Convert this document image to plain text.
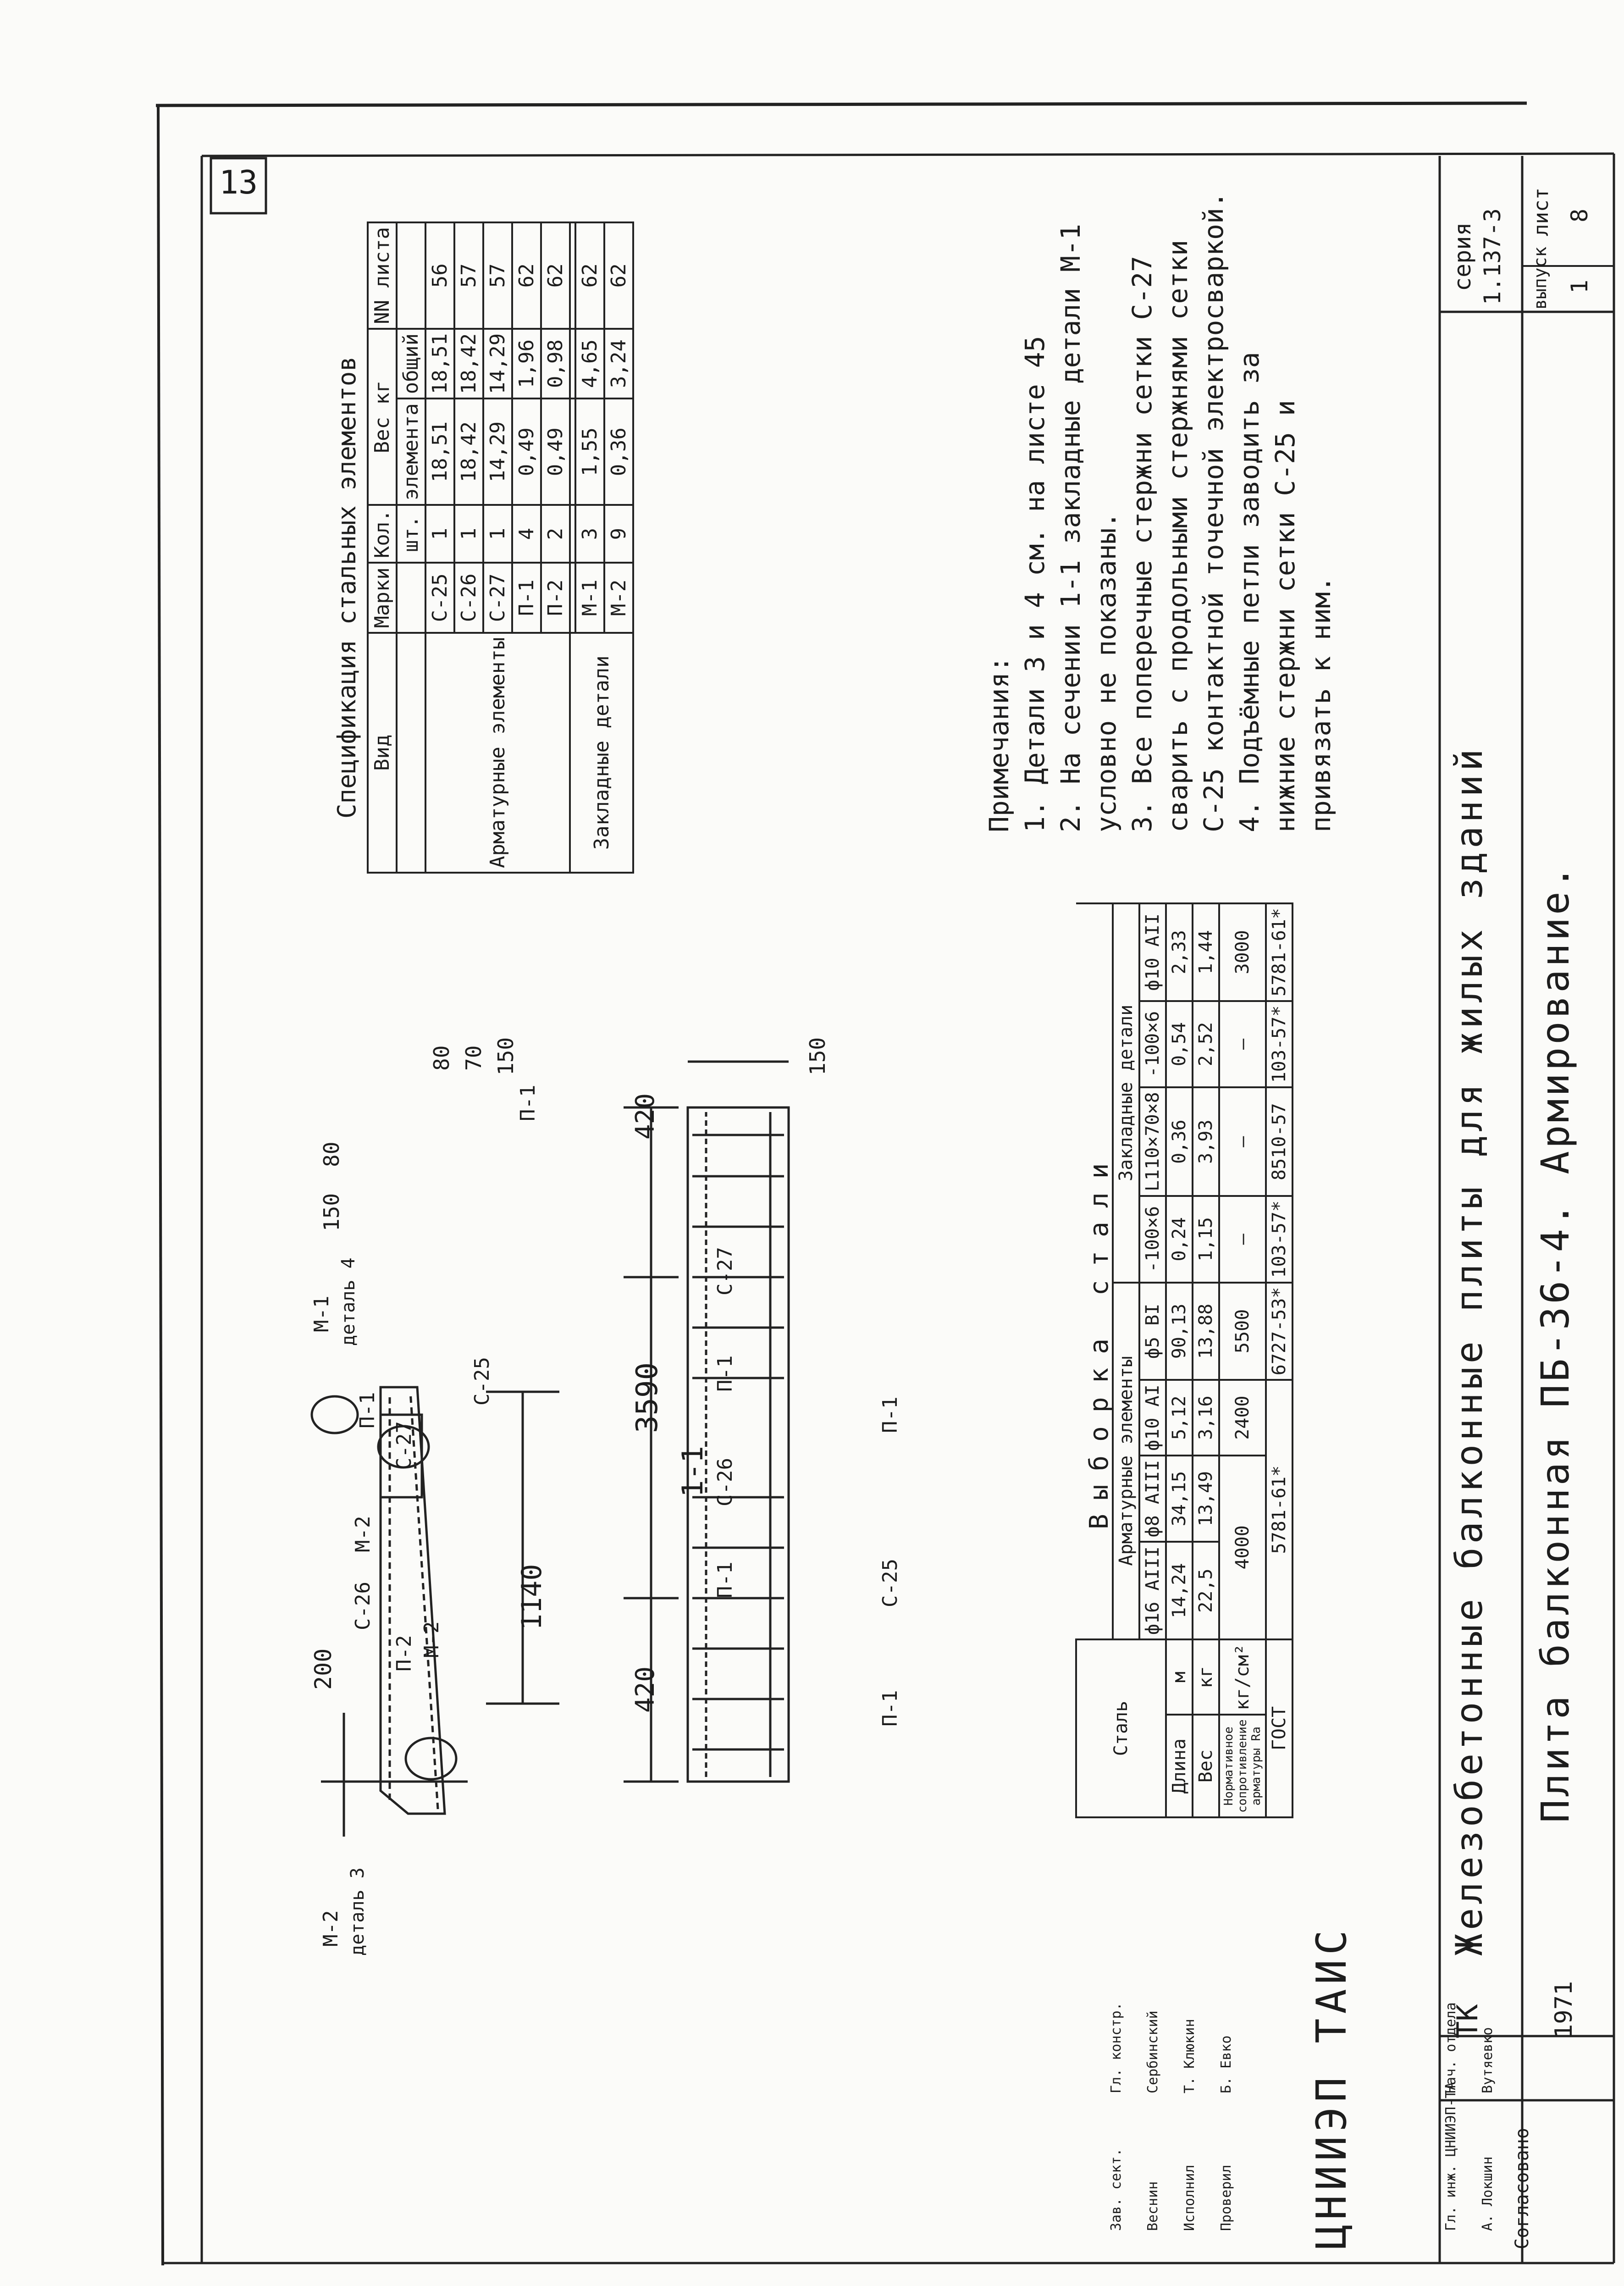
13
серия 1.137-3 выпуск
лист
1
8
ТК	1971
Железобетонные балконные плиты для жилых зданий Плита балконная ПБ-36-4. Армирование.
Спецификация стальных элементов Вид	Марки	Кол.	Вес кг		NN листа
		шт.	элемента	общий	
Арматурные элементы	С-25	1	18,51	18,51	56
	С-26	1	18,42	18,42	57
	С-27	1	14,29	14,29	57
	П-1	4	0,49	1,96	62
	П-2	2	0,49	0,98	62
Закладные детали					
	М-1	3	1,55	4,65	62
	М-2	9	0,36	3,24	62
Примечания: 1. Детали 3 и 4 см. на листе 45 2. На сечении 1-1 закладные детали М-1 условно не показаны. 3. Все поперечные стержни сетки С-27 сварить с продольными стержнями сетки С-25 контактной точечной электросваркой. 4. Подъёмные петли заводить за нижние стержни сетки С-25 и привязать к ним.
Выборка стали
Сталь									
		Арматурные элементы				Закладные детали			
		ф16 АIII	ф8 АIII	ф10 АI	ф5 ВI	-100×6	L110×70×8	-100×6	ф10 АII
Длина	м	14,24	34,15	5,12	90,13	0,24	0,36	0,54	2,33
Вес	кг	22,5	13,49	3,16	13,88	1,15	3,93	2,52	1,44
Нормативное сопротивление арматуры Rа	кг/см²	4000		2400	5500	—	—	—	3000
ГОСТ		5781-61*			6727-53*	103-57*	8510-57	103-57*	5781-61*
1140
3590
420
420
200
150
80
80 70 150	150
1-1
П-2 М-2
С-26
М-2
П-1
С-27
С-25
М-1 деталь 4
М-2 деталь 3
П-1
П-1
С-25
С-26
П-1
П-1
С-27
П-1
Согласовано
Гл. инж. ЦНИИЭП-ТА А. Локшин
Нач. отдела Вутяевко
Гл. констр. Сербинский Т. Клюкин
Зав. сект. Веснин Исполнил Проверил
Б. Евко ЦНИИЭП ТАИС
